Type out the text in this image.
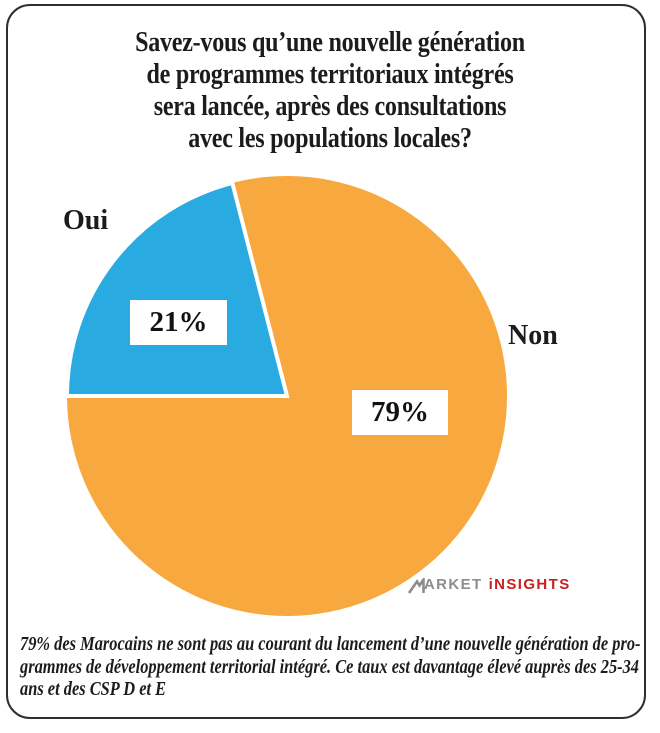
Savez-vous qu’une nouvelle génération
de programmes territoriaux intégrés
sera lancée, après des consultations
avec les populations locales?
Oui
Non
21%
79%
MARKET iNSIGHTS
79% des Marocains ne sont pas au courant du lancement d’une nouvelle génération de pro-
grammes de développement territorial intégré. Ce taux est davantage élevé auprès des 25-34
ans et des CSP D et E
